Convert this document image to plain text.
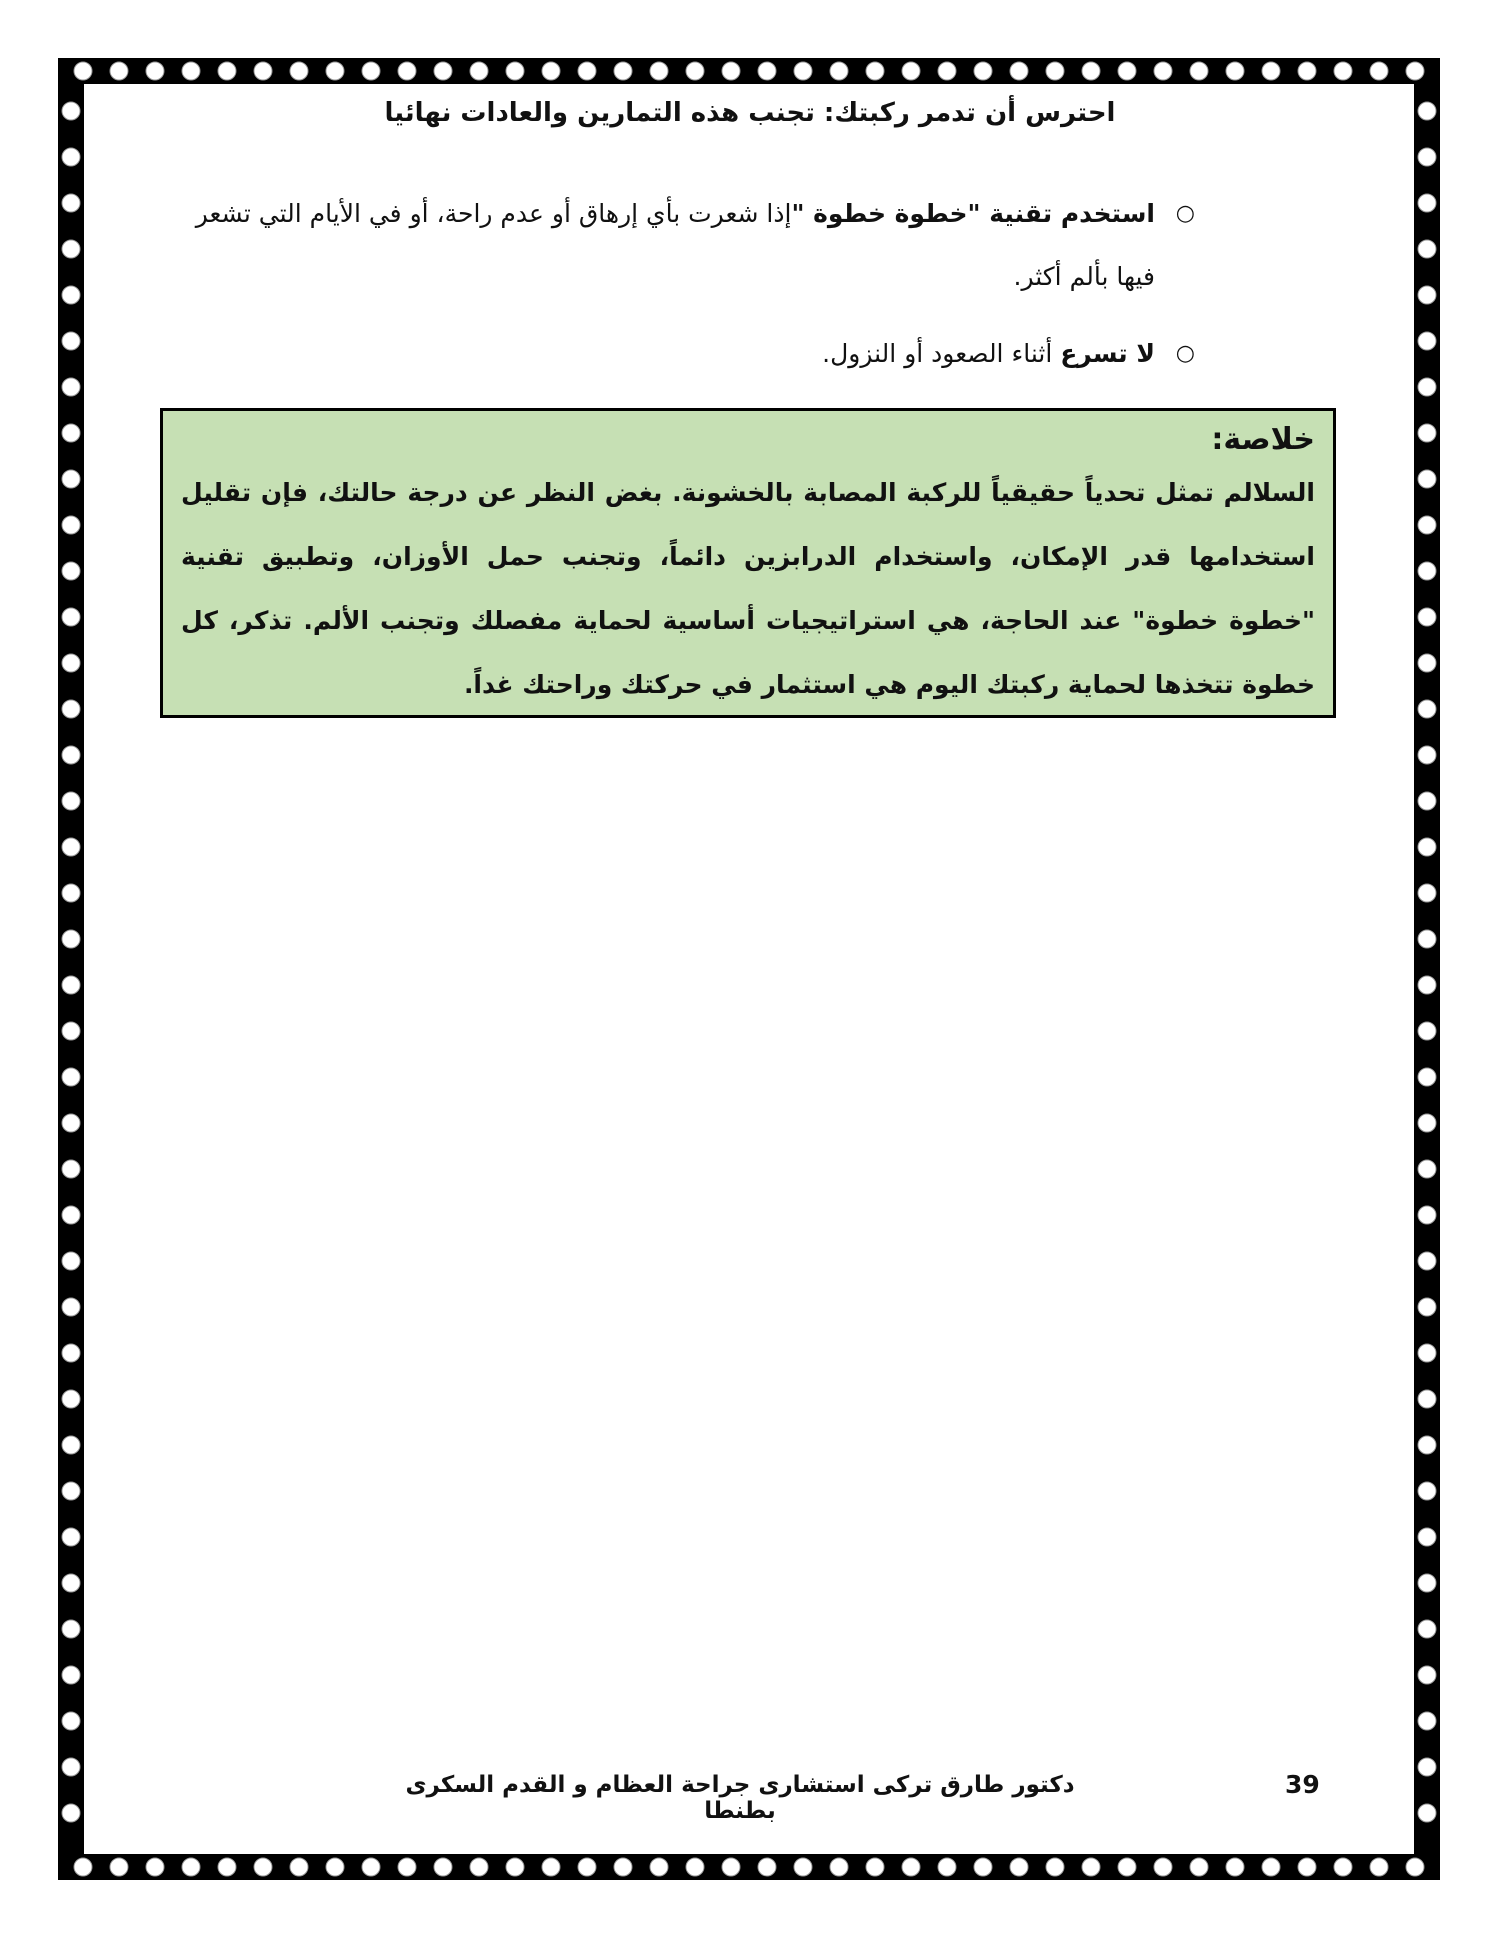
احترس أن تدمر ركبتك: تجنب هذه التمارين والعادات نهائيا
○
استخدم تقنية "خطوة خطوة "إذا شعرت بأي إرهاق أو عدم راحة، أو في الأيام التي تشعر فيها بألم أكثر.
○
لا تسرع أثناء الصعود أو النزول.
خلاصة:

السلالم تمثل تحدياً حقيقياً للركبة المصابة بالخشونة. بغض النظر عن درجة حالتك، فإن تقليل استخدامها قدر الإمكان، واستخدام الدرابزين دائماً، وتجنب حمل الأوزان، وتطبيق تقنية "خطوة خطوة" عند الحاجة، هي استراتيجيات أساسية لحماية مفصلك وتجنب الألم. تذكر، كل خطوة تتخذها لحماية ركبتك اليوم هي استثمار في حركتك وراحتك غداً.

دكتور طارق تركى استشارى جراحة العظام و القدم السكرى بطنطا
39
